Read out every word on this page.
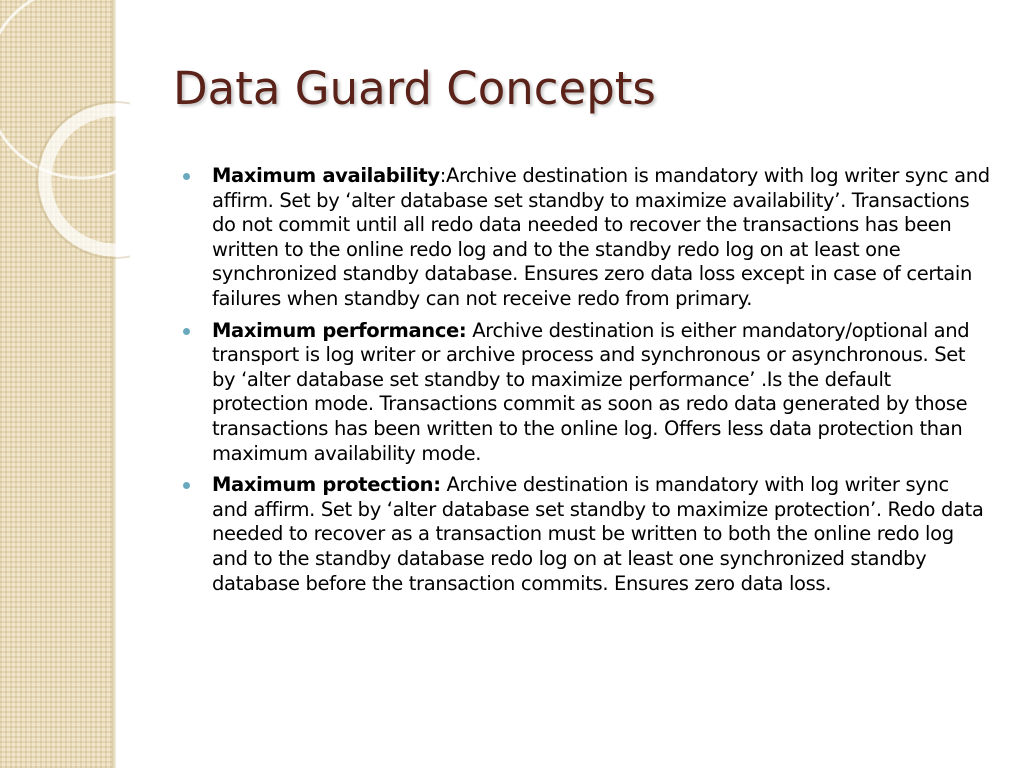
Data Guard Concepts
Maximum availability:Archive destination is mandatory with log writer sync and affirm. Set by ‘alter database set standby to maximize availability’. Transactions do not commit until all redo data needed to recover the transactions has been written to the online redo log and to the standby redo log on at least one synchronized standby database. Ensures zero data loss except in case of certain failures when standby can not receive redo from primary.
Maximum performance: Archive destination is either mandatory/optional and transport is log writer or archive process and synchronous or asynchronous. Set by ‘alter database set standby to maximize performance’ .Is the default protection mode. Transactions commit as soon as redo data generated by those transactions has been written to the online log. Offers less data protection than maximum availability mode.
Maximum protection: Archive destination is mandatory with log writer sync and affirm. Set by ‘alter database set standby to maximize protection’. Redo data needed to recover as a transaction must be written to both the online redo log and to the standby database redo log on at least one synchronized standby database before the transaction commits. Ensures zero data loss.
